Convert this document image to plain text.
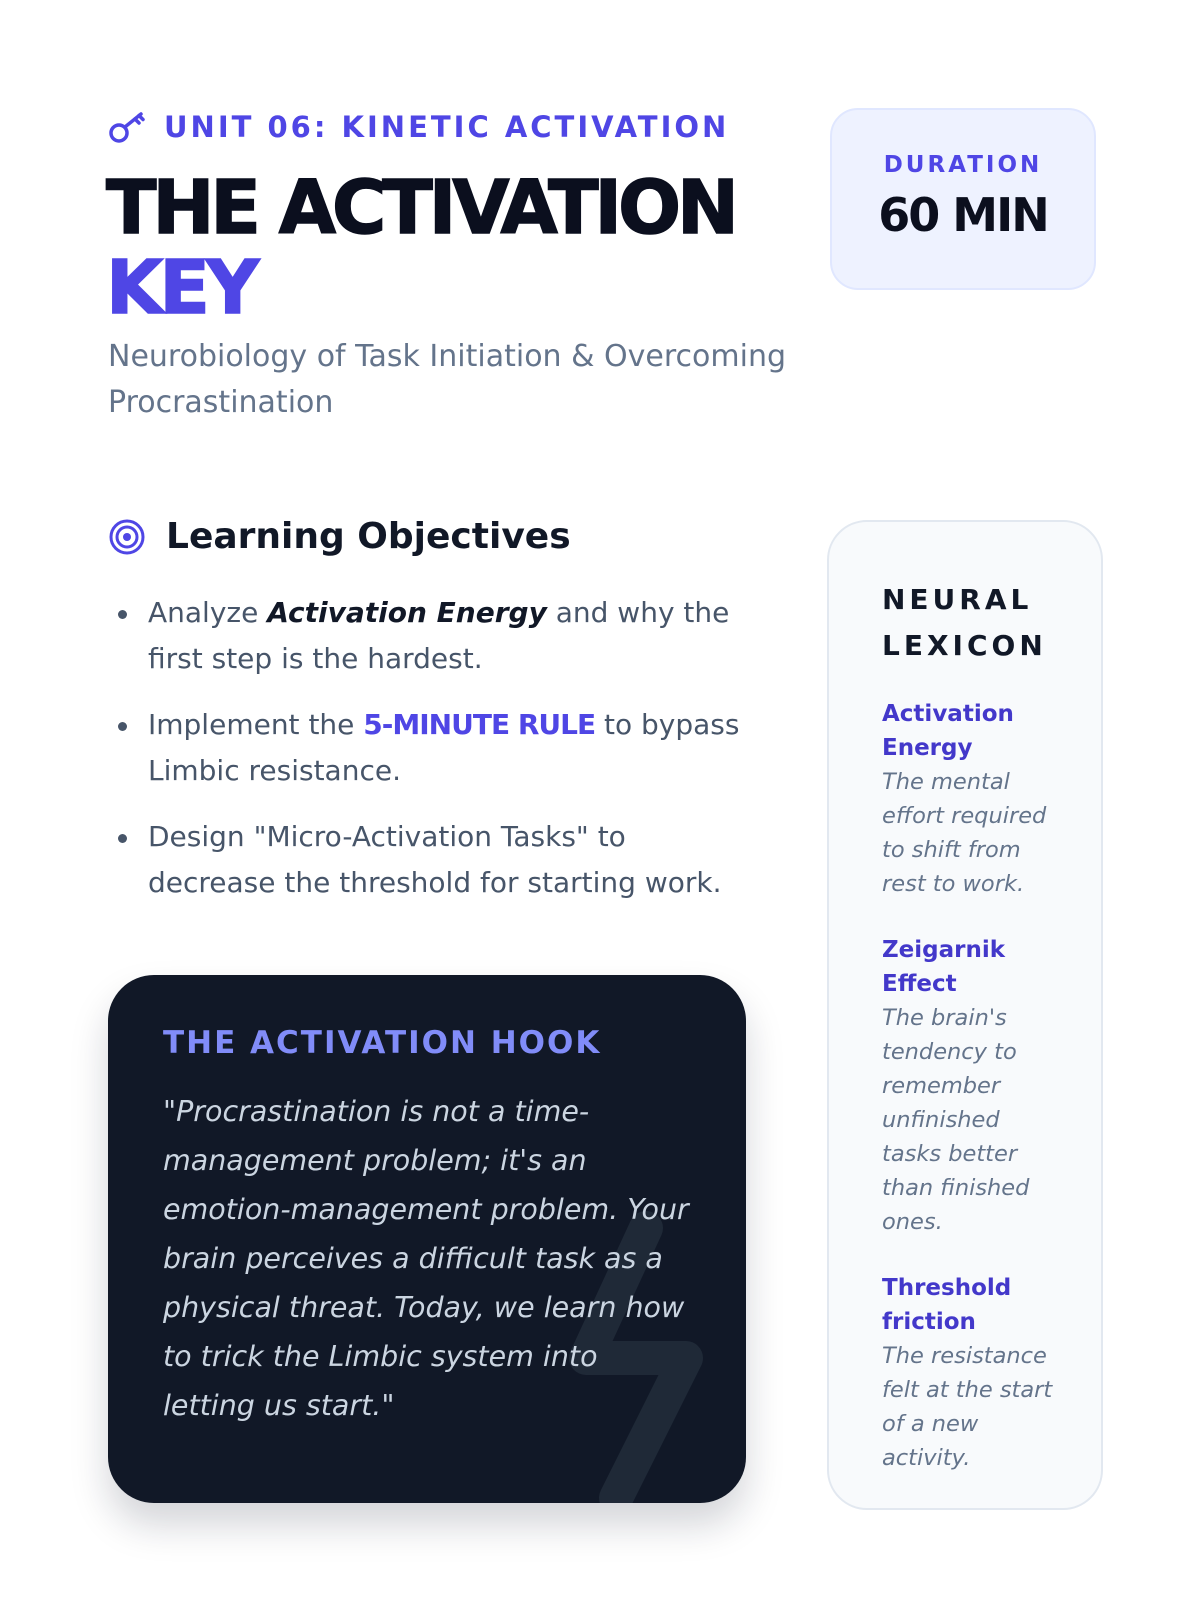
UNIT 06: KINETIC ACTIVATION
THE ACTIVATION
KEY
Neurobiology of Task Initiation & Overcoming Procrastination
DURATION
60 MIN
Learning Objectives
Analyze Activation Energy and why the first step is the hardest.
Implement the 5-MINUTE RULE to bypass Limbic resistance.
Design "Micro-Activation Tasks" to decrease the threshold for starting work.
THE ACTIVATION HOOK
"Procrastination is not a time-management problem; it's an emotion-management problem. Your brain perceives a difficult task as a physical threat. Today, we learn how to trick the Limbic system into letting us start."
NEURAL LEXICON
Activation Energy
The mental effort required to shift from rest to work.
Zeigarnik Effect
The brain's tendency to remember unfinished tasks better than finished ones.
Threshold friction
The resistance felt at the start of a new activity.
